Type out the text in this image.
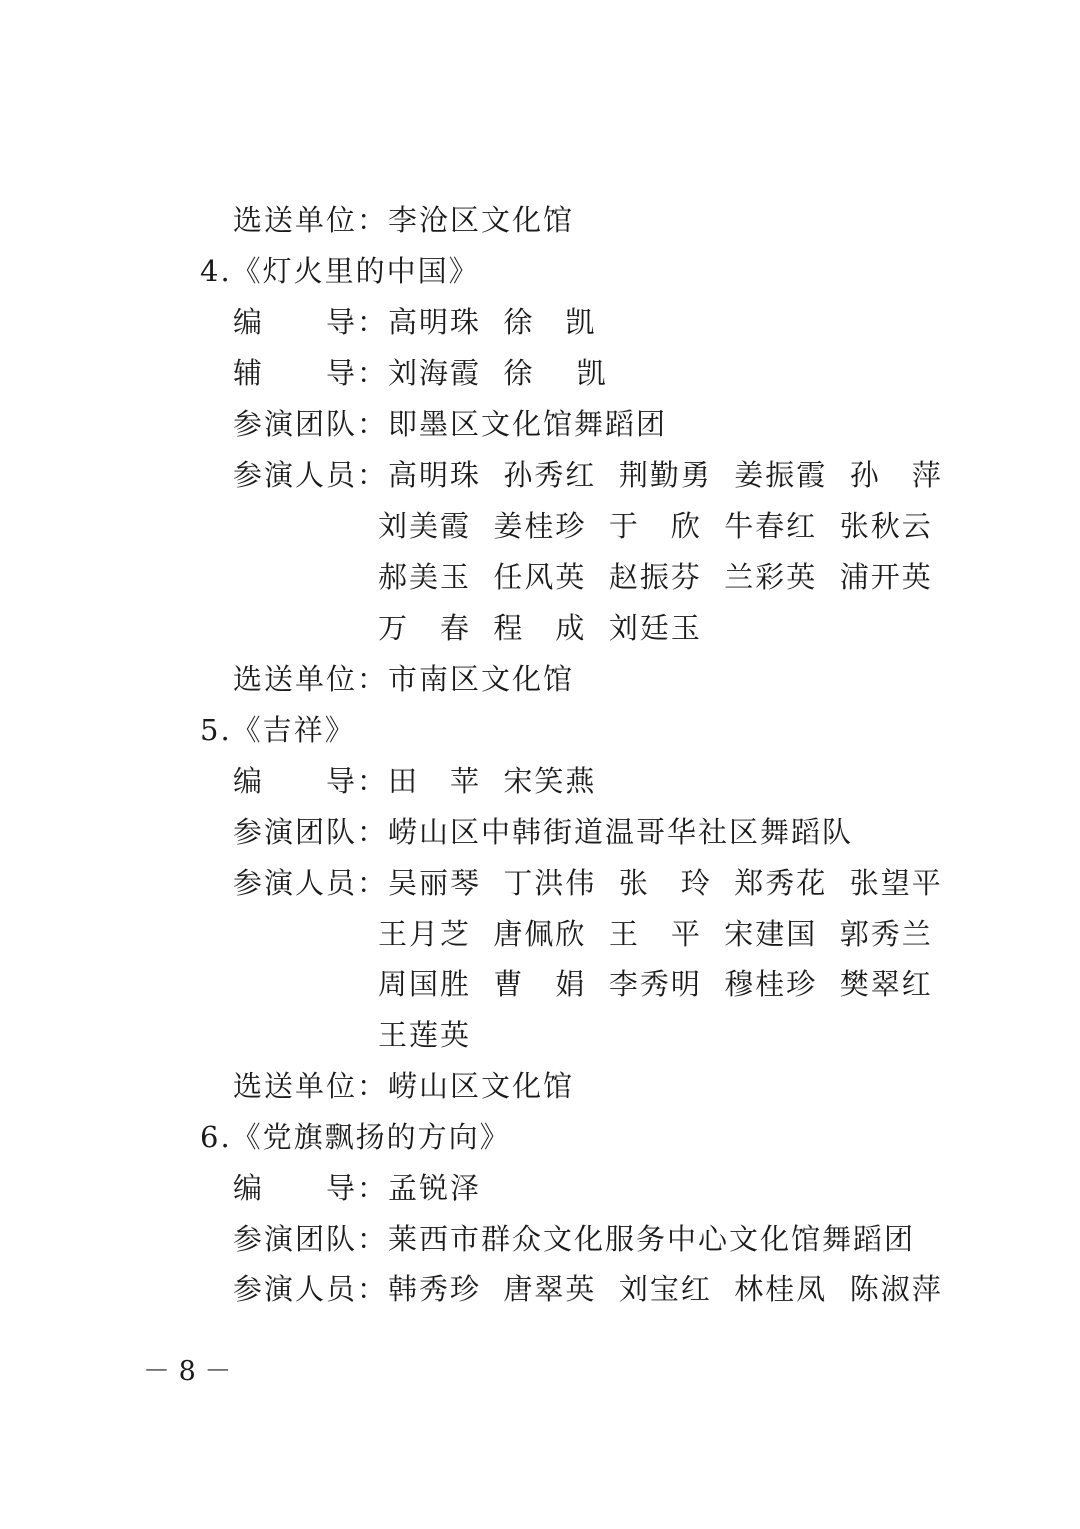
选送单位：李沧区文化馆
4.《灯火里的中国》
编　　导：高明珠  徐　凯
辅　　导：刘海霞  徐　 凯
参演团队：即墨区文化馆舞蹈团
参演人员：高明珠  孙秀红  荆勤勇  姜振霞  孙　萍
刘美霞  姜桂珍  于　欣  牛春红  张秋云
郝美玉  任风英  赵振芬  兰彩英  浦开英
万　春  程　成  刘廷玉
选送单位：市南区文化馆
5.《吉祥》
编　　导：田　苹  宋笑燕
参演团队：崂山区中韩街道温哥华社区舞蹈队
参演人员：吴丽琴  丁洪伟  张　玲  郑秀花  张望平
王月芝  唐佩欣  王　平  宋建国  郭秀兰
周国胜  曹　娟  李秀明  穆桂珍  樊翠红
王莲英
选送单位：崂山区文化馆
6.《党旗飘扬的方向》
编　　导：孟锐泽
参演团队：莱西市群众文化服务中心文化馆舞蹈团
参演人员：韩秀珍  唐翠英  刘宝红  林桂凤  陈淑萍
－ 8 －
